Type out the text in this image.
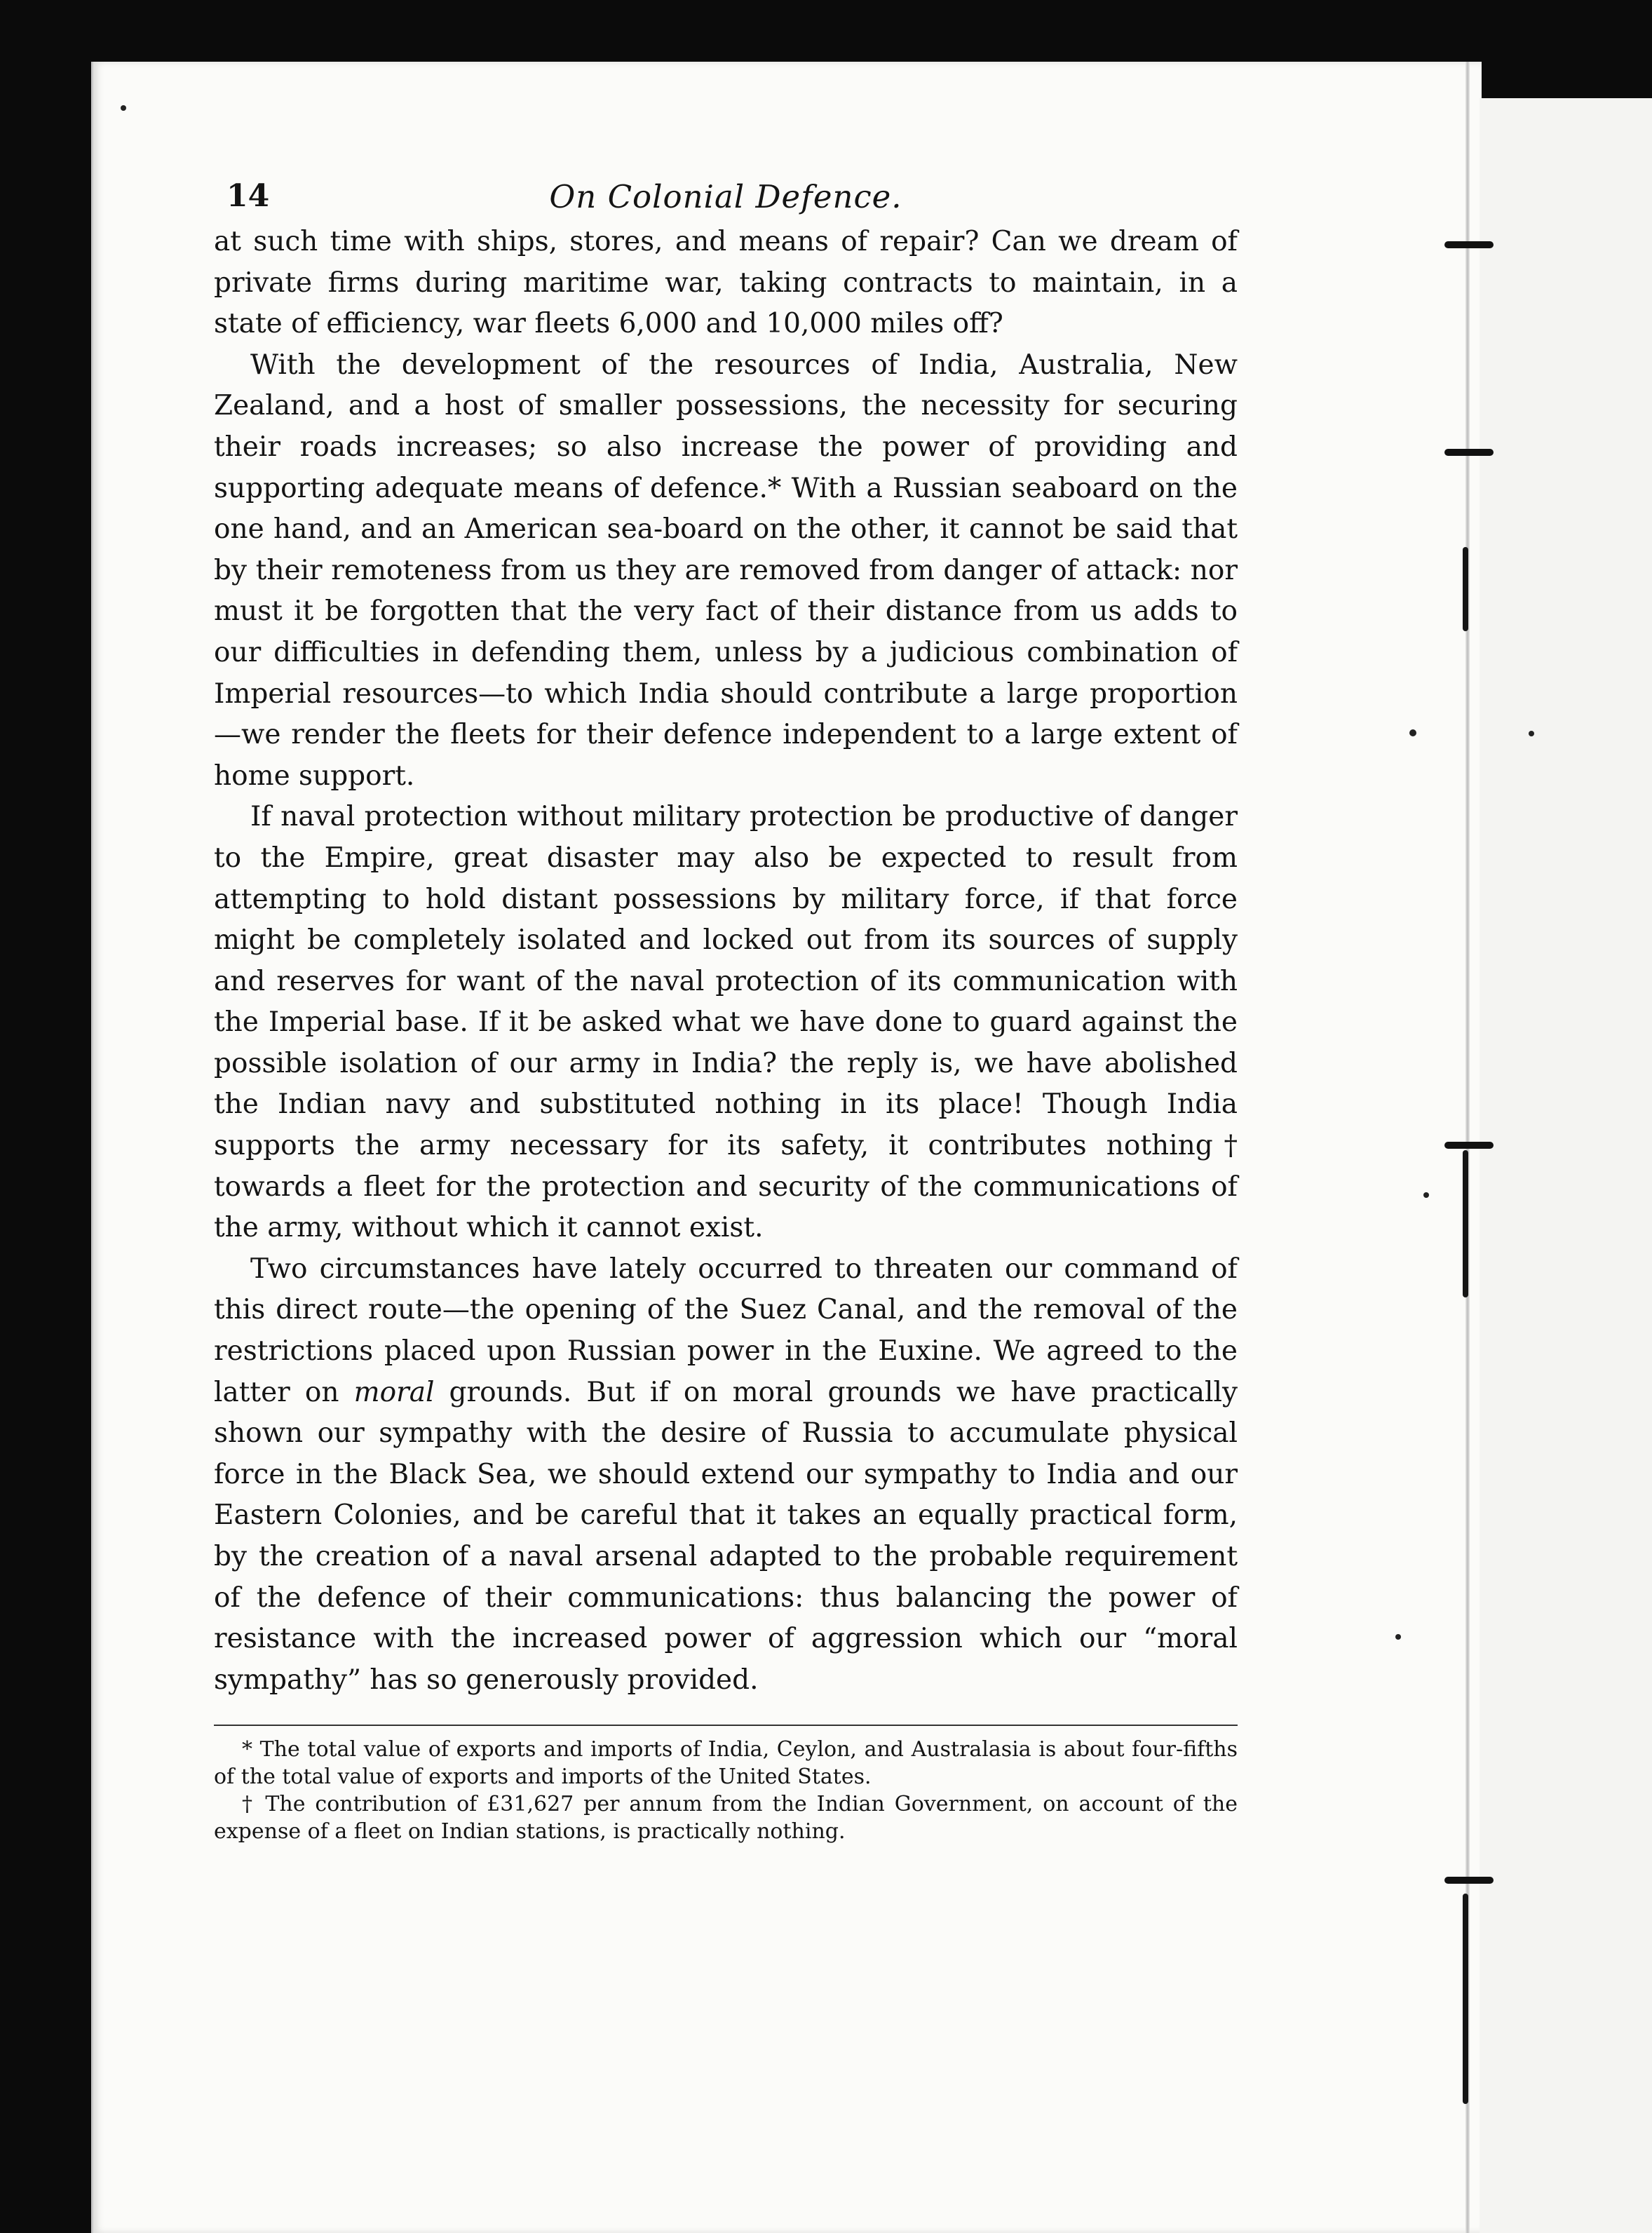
14	On Colonial Defence.

at such time with ships, stores, and means of repair? Can we dream of private firms during maritime war, taking contracts to maintain, in a state of efficiency, war fleets 6,000 and 10,000 miles off?

With the development of the resources of India, Australia, New Zealand, and a host of smaller possessions, the necessity for securing their roads increases; so also increase the power of providing and supporting adequate means of defence.* With a Russian seaboard on the one hand, and an American sea-board on the other, it cannot be said that by their remoteness from us they are removed from danger of attack: nor must it be forgotten that the very fact of their distance from us adds to our difficulties in defending them, unless by a judicious combination of Imperial resources—to which India should contribute a large proportion—we render the fleets for their defence independent to a large extent of home support.

If naval protection without military protection be productive of danger to the Empire, great disaster may also be expected to result from attempting to hold distant possessions by military force, if that force might be completely isolated and locked out from its sources of supply and reserves for want of the naval protection of its communication with the Imperial base. If it be asked what we have done to guard against the possible isolation of our army in India? the reply is, we have abolished the Indian navy and substituted nothing in its place! Though India supports the army necessary for its safety, it contributes nothing† towards a fleet for the protection and security of the communications of the army, without which it cannot exist.

Two circumstances have lately occurred to threaten our command of this direct route—the opening of the Suez Canal, and the removal of the restrictions placed upon Russian power in the Euxine. We agreed to the latter on moral grounds. But if on moral grounds we have practically shown our sympathy with the desire of Russia to accumulate physical force in the Black Sea, we should extend our sympathy to India and our Eastern Colonies, and be careful that it takes an equally practical form, by the creation of a naval arsenal adapted to the probable requirement of the defence of their communications: thus balancing the power of resistance with the increased power of aggression which our “moral sympathy” has so generously provided.

* The total value of exports and imports of India, Ceylon, and Australasia is about four-fifths of the total value of exports and imports of the United States.

† The contribution of £31,627 per annum from the Indian Government, on account of the expense of a fleet on Indian stations, is practically nothing.
